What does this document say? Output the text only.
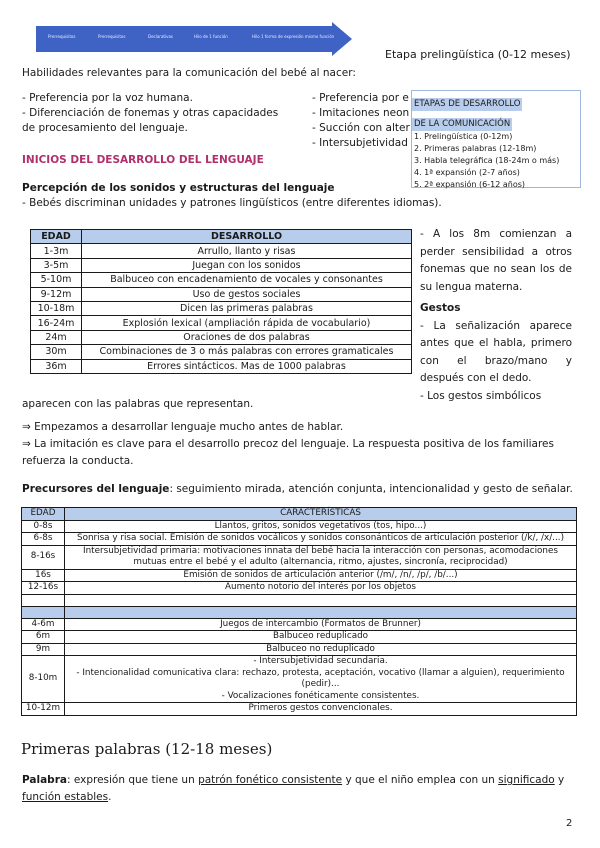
Prerrequisitos	Prerrequisitos	Declarativas	Hilo de 1 función	Hilo 1 forma de expresión mismo función
Etapa prelingüística (0-12 meses)
Habilidades relevantes para la comunicación del bebé al nacer:
- Preferencia por la voz humana.
- Diferenciación de fonemas y otras capacidades
de procesamiento del lenguaje.
- Preferencia por e
- Imitaciones neon
- Succión con alter
- Intersubjetividad
ETAPAS DE DESARROLLO
DE LA COMUNICACIÓN
1. Prelingüística (0-12m)
2. Primeras palabras (12-18m)
3. Habla telegráfica (18-24m o más)
4. 1ª expansión (2-7 años)
5. 2ª expansión (6-12 años)
INICIOS DEL DESARROLLO DEL LENGUAJE
Percepción de los sonidos y estructuras del lenguaje
- Bebés discriminan unidades y patrones lingüísticos (entre diferentes idiomas).
EDAD	DESARROLLO
1-3m	Arrullo, llanto y risas
3-5m	Juegan con los sonidos
5-10m	Balbuceo con encadenamiento de vocales y consonantes
9-12m	Uso de gestos sociales
10-18m	Dicen las primeras palabras
16-24m	Explosión lexical (ampliación rápida de vocabulario)
24m	Oraciones de dos palabras
30m	Combinaciones de 3 o más palabras con errores gramaticales
36m	Errores sintácticos. Mas de 1000 palabras
- A los 8m comienzan a perder sensibilidad a otros fonemas que no sean los de su lengua materna.
Gestos
- La señalización aparece antes que el habla, primero con el brazo/mano y después con el dedo.
- Los gestos simbólicos
aparecen con las palabras que representan.
⇒ Empezamos a desarrollar lenguaje mucho antes de hablar.
⇒ La imitación es clave para el desarrollo precoz del lenguaje. La respuesta positiva de los familiares
refuerza la conducta.
Precursores del lenguaje: seguimiento mirada, atención conjunta, intencionalidad y gesto de señalar.
EDAD	CARACTERÍSTICAS
0-8s	Llantos, gritos, sonidos vegetativos (tos, hipo...)
6-8s	Sonrisa y risa social. Emisión de sonidos vocálicos y sonidos consonánticos de articulación posterior (/k/, /x/...)
8-16s	Intersubjetividad primaria: motivaciones innata del bebé hacia la interacción con personas, acomodaciones mutuas entre el bebé y el adulto (alternancia, ritmo, ajustes, sincronía, reciprocidad)
16s	Emisión de sonidos de articulación anterior (/m/, /n/, /p/, /b/...)
12-16s	Aumento notorio del interés por los objetos

4-6m	Juegos de intercambio (Formatos de Brunner)
6m	Balbuceo reduplicado
9m	Balbuceo no reduplicado
8-10m	- Intersubjetividad secundaria.
- Intencionalidad comunicativa clara: rechazo, protesta, aceptación, vocativo (llamar a alguien), requerimiento (pedir)...
- Vocalizaciones fonéticamente consistentes.

10-12m	Primeros gestos convencionales.
Primeras palabras (12-18 meses)
Palabra: expresión que tiene un patrón fonético consistente y que el niño emplea con un significado y función estables.
2
